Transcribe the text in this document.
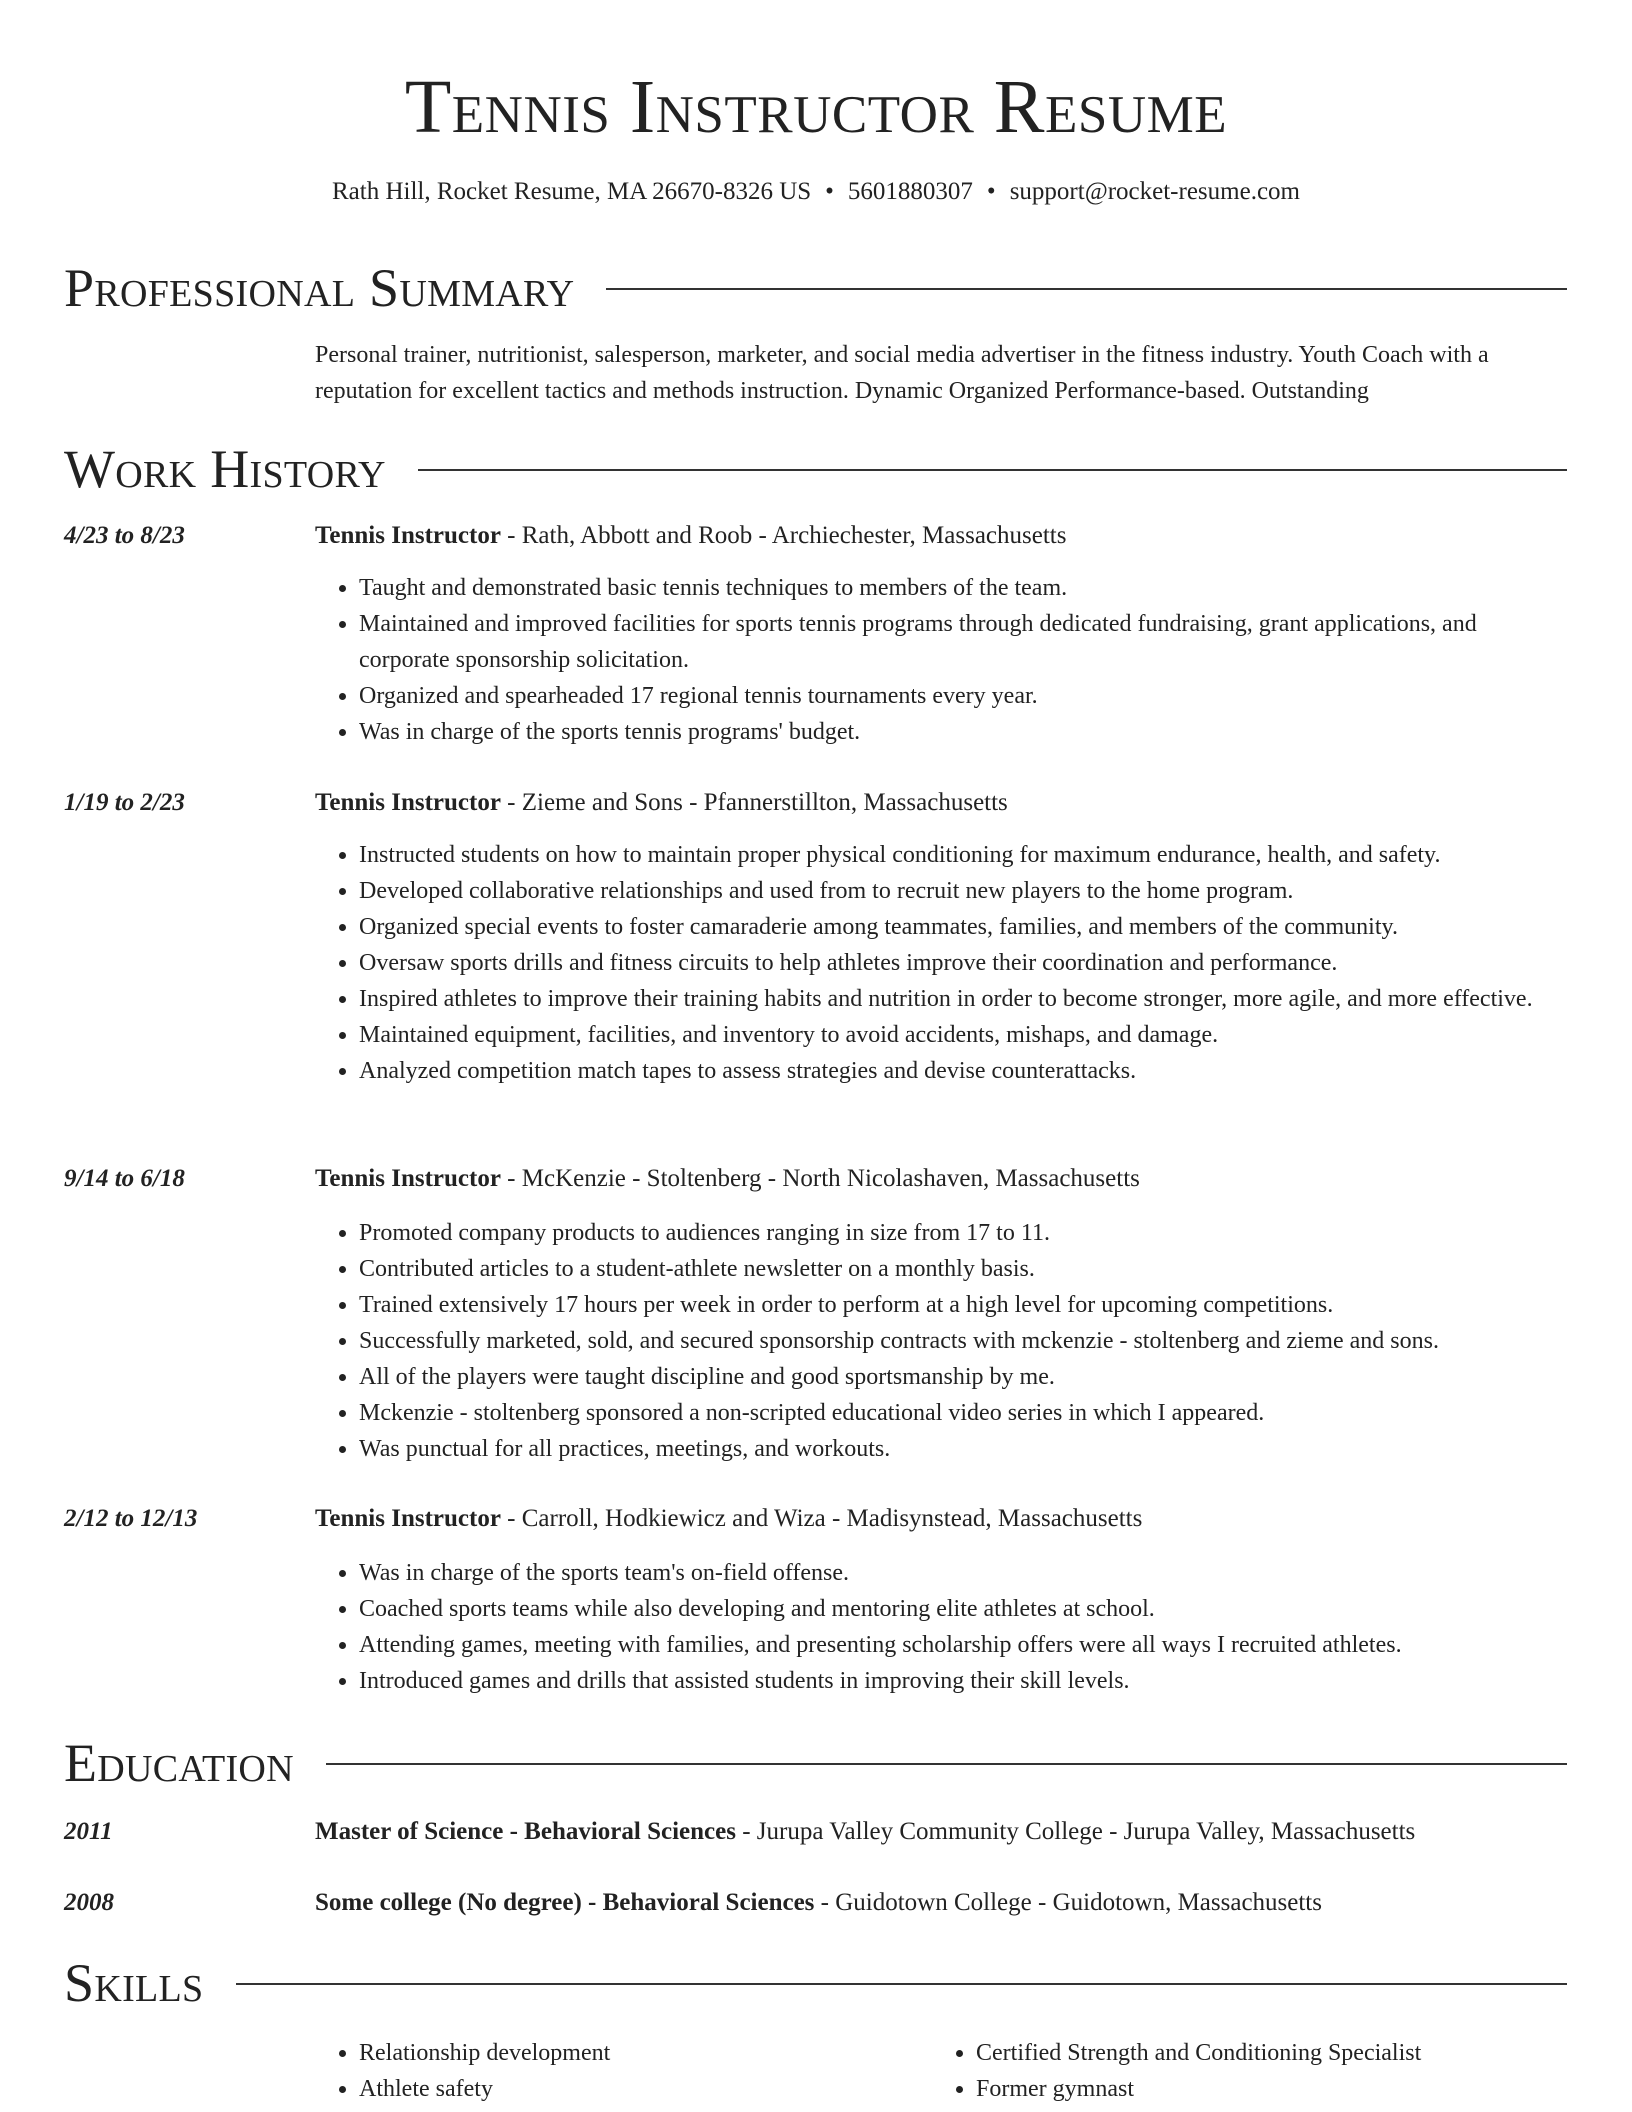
Tennis Instructor Resume
Rath Hill, Rocket Resume, MA 26670-8326 US • 5601880307 • support@rocket-resume.com
Professional Summary
Personal trainer, nutritionist, salesperson, marketer, and social media advertiser in the fitness industry. Youth Coach with a reputation for excellent tactics and methods instruction. Dynamic Organized Performance-based. Outstanding
Work History
4/23 to 8/23	Tennis Instructor - Rath, Abbott and Roob - Archiechester, Massachusetts
• Taught and demonstrated basic tennis techniques to members of the team.
• Maintained and improved facilities for sports tennis programs through dedicated fundraising, grant applications, and corporate sponsorship solicitation.
• Organized and spearheaded 17 regional tennis tournaments every year.
• Was in charge of the sports tennis programs' budget.
1/19 to 2/23	Tennis Instructor - Zieme and Sons - Pfannerstillton, Massachusetts
• Instructed students on how to maintain proper physical conditioning for maximum endurance, health, and safety.
• Developed collaborative relationships and used from to recruit new players to the home program.
• Organized special events to foster camaraderie among teammates, families, and members of the community.
• Oversaw sports drills and fitness circuits to help athletes improve their coordination and performance.
• Inspired athletes to improve their training habits and nutrition in order to become stronger, more agile, and more effective.
• Maintained equipment, facilities, and inventory to avoid accidents, mishaps, and damage.
• Analyzed competition match tapes to assess strategies and devise counterattacks.
9/14 to 6/18	Tennis Instructor - McKenzie - Stoltenberg - North Nicolashaven, Massachusetts
• Promoted company products to audiences ranging in size from 17 to 11.
• Contributed articles to a student-athlete newsletter on a monthly basis.
• Trained extensively 17 hours per week in order to perform at a high level for upcoming competitions.
• Successfully marketed, sold, and secured sponsorship contracts with mckenzie - stoltenberg and zieme and sons.
• All of the players were taught discipline and good sportsmanship by me.
• Mckenzie - stoltenberg sponsored a non-scripted educational video series in which I appeared.
• Was punctual for all practices, meetings, and workouts.
2/12 to 12/13	Tennis Instructor - Carroll, Hodkiewicz and Wiza - Madisynstead, Massachusetts
• Was in charge of the sports team's on-field offense.
• Coached sports teams while also developing and mentoring elite athletes at school.
• Attending games, meeting with families, and presenting scholarship offers were all ways I recruited athletes.
• Introduced games and drills that assisted students in improving their skill levels.
Education
2011	Master of Science - Behavioral Sciences - Jurupa Valley Community College - Jurupa Valley, Massachusetts
2008	Some college (No degree) - Behavioral Sciences - Guidotown College - Guidotown, Massachusetts
Skills
• Relationship development
• Athlete safety
• Certified Strength and Conditioning Specialist
• Former gymnast
